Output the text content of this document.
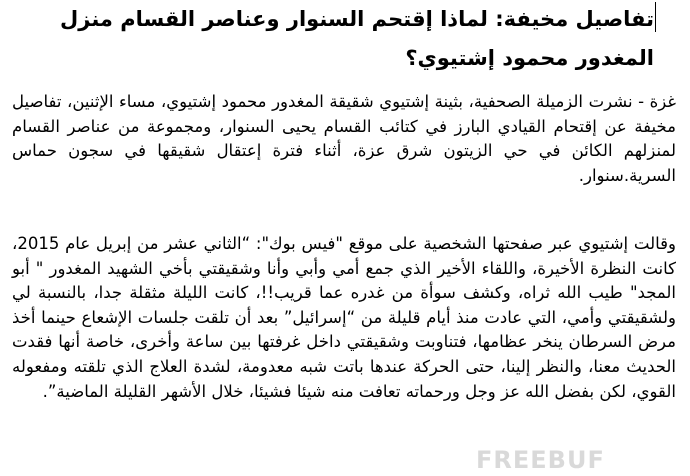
تفاصيل مخيفة: لماذا إقتحم السنوار وعناصر القسام منزل المغدور محمود إشتيوي؟

غزة - نشرت الزميلة الصحفية، بثينة إشتيوي شقيقة المغدور محمود إشتيوي، مساء الإثنين، تفاصيل مخيفة عن إقتحام القيادي البارز في كتائب القسام يحيى السنوار، ومجموعة من عناصر القسام لمنزلهم الكائن في حي الزيتون شرق عزة، أثناء فترة إعتقال شقيقها في سجون حماس السرية.سنوار.

وقالت إشتيوي عبر صفحتها الشخصية على موقع "فيس بوك": “الثاني عشر من إبريل عام 2015، كانت النظرة الأخيرة، واللقاء الأخير الذي جمع أمي وأبي وأنا وشقيقتي بأخي الشهيد المغدور " أبو المجد" طيب الله ثراه، وكشف سوأة من غدره عما قريب!!، كانت الليلة مثقلة جدا، بالنسبة لي ولشقيقتي وأمي، التي عادت منذ أيام قليلة من “إسرائيل” بعد أن تلقت جلسات الإشعاع حينما أخذ مرض السرطان ينخر عظامها، فتناوبت وشقيقتي داخل غرفتها بين ساعة وأخرى، خاصة أنها فقدت الحديث معنا، والنظر إلينا، حتى الحركة عندها باتت شبه معدومة، لشدة العلاج الذي تلقته ومفعوله القوي، لكن بفضل الله عز وجل ورحماته تعافت منه شيئا فشيئا، خلال الأشهر القليلة الماضية”.

FREEBUF
